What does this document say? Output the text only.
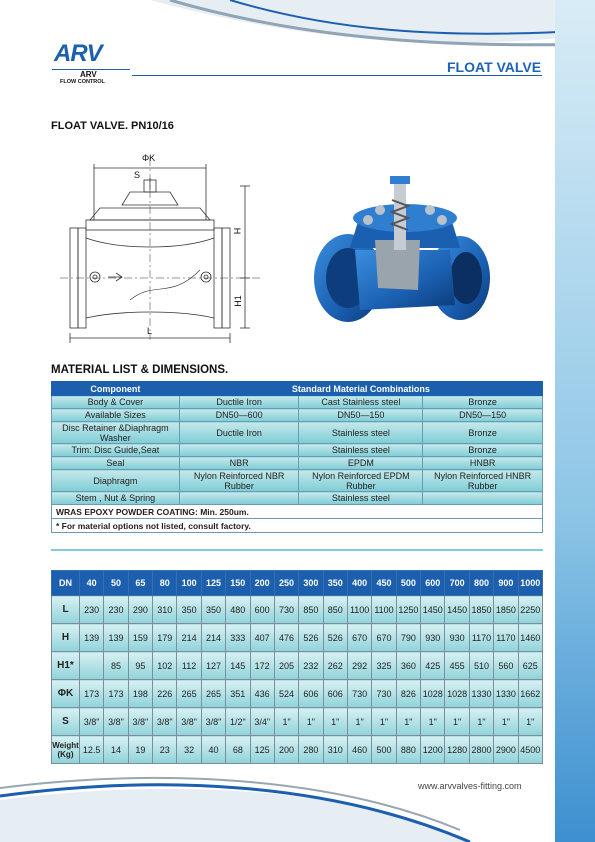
ARV
ARV
FLOW CONTROL
FLOAT VALVE
FLOAT VALVE. PN10/16
ΦK
S
H
H1
L
MATERIAL LIST & DIMENSIONS.
Component	Standard Material Combinations		
Body & Cover	Ductile Iron	Cast Stainless steel	Bronze
Available Sizes	DN50—600	DN50—150	DN50—150
Disc Retainer &Diaphragm Washer	Ductile Iron	Stainless steel	Bronze
Trim: Disc Guide,Seat		Stainless steel	Bronze
Seal	NBR	EPDM	HNBR
Diaphragm	Nylon Reinforced NBR Rubber	Nylon Reinforced EPDM Rubber	Nylon Reinforced HNBR Rubber
Stem , Nut & Spring		Stainless steel	
WRAS EPOXY POWDER COATING: Min. 250um.			
* For material options not listed, consult factory.			
DN	40	50	65	80	100	125	150	200	250	300	350	400	450	500	600	700	800	900	1000
L	230	230	290	310	350	350	480	600	730	850	850	1100	1100	1250	1450	1450	1850	1850	2250
H	139	139	159	179	214	214	333	407	476	526	526	670	670	790	930	930	1170	1170	1460
H1*		85	95	102	112	127	145	172	205	232	262	292	325	360	425	455	510	560	625
ΦK	173	173	198	226	265	265	351	436	524	606	606	730	730	826	1028	1028	1330	1330	1662
S	3/8"	3/8"	3/8"	3/8"	3/8"	3/8"	1/2"	3/4"	1"	1"	1"	1"	1"	1"	1"	1"	1"	1"	1"
Weight (Kg)	12.5	14	19	23	32	40	68	125	200	280	310	460	500	880	1200	1280	2800	2900	4500
www.arvvalves-fitting.com
